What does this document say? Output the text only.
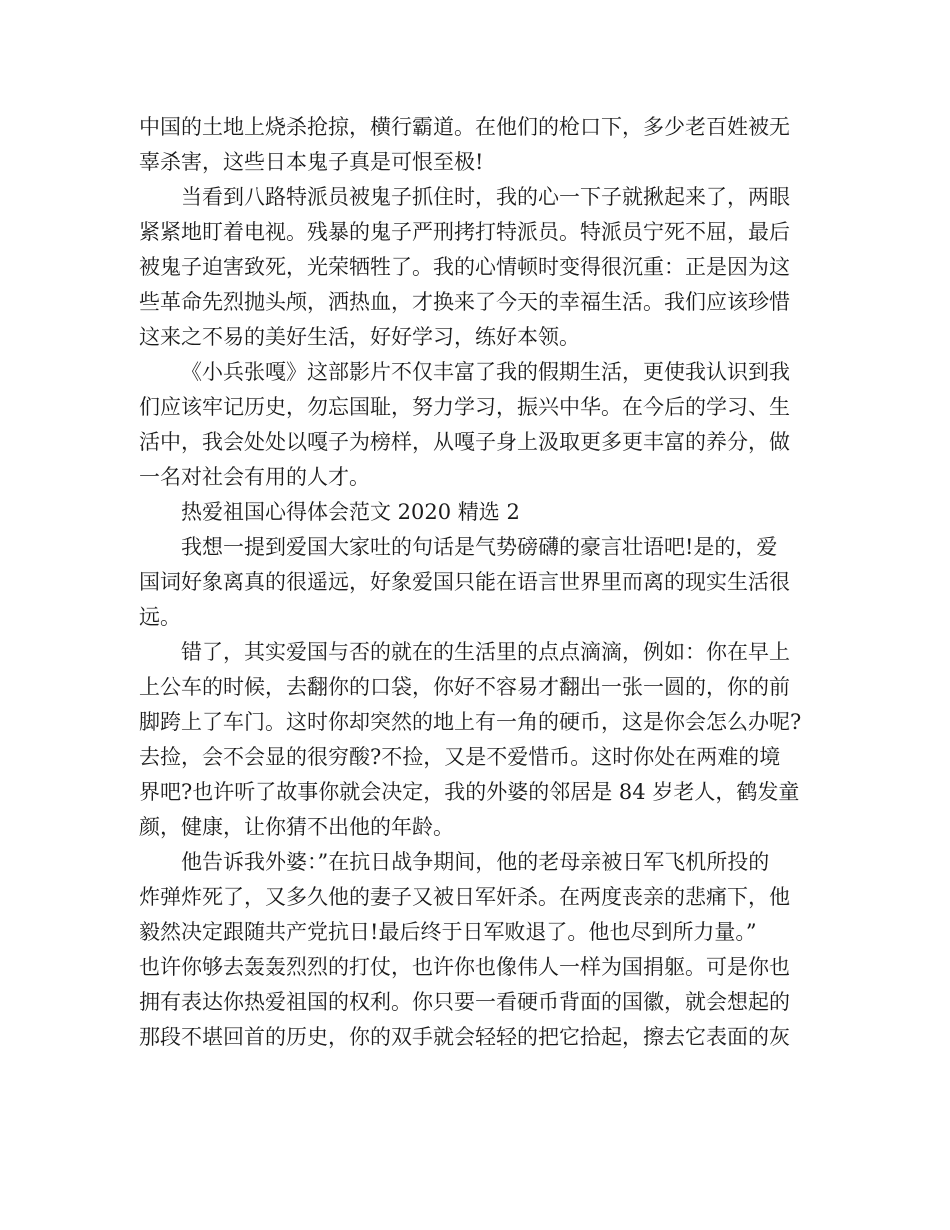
中国的土地上烧杀抢掠，横行霸道。在他们的枪口下，多少老百姓被无
辜杀害，这些日本鬼子真是可恨至极!
当看到八路特派员被鬼子抓住时，我的心一下子就揪起来了，两眼
紧紧地盯着电视。残暴的鬼子严刑拷打特派员。特派员宁死不屈，最后
被鬼子迫害致死，光荣牺牲了。我的心情顿时变得很沉重：正是因为这
些革命先烈抛头颅，洒热血，才换来了今天的幸福生活。我们应该珍惜
这来之不易的美好生活，好好学习，练好本领。
《小兵张嘎》这部影片不仅丰富了我的假期生活，更使我认识到我
们应该牢记历史，勿忘国耻，努力学习，振兴中华。在今后的学习、生
活中，我会处处以嘎子为榜样，从嘎子身上汲取更多更丰富的养分，做
一名对社会有用的人才。
热爱祖国心得体会范文 2020 精选 2
我想一提到爱国大家吐的句话是气势磅礴的豪言壮语吧!是的，爱
国词好象离真的很遥远，好象爱国只能在语言世界里而离的现实生活很
远。
错了，其实爱国与否的就在的生活里的点点滴滴，例如：你在早上
上公车的时候，去翻你的口袋，你好不容易才翻出一张一圆的，你的前
脚跨上了车门。这时你却突然的地上有一角的硬币，这是你会怎么办呢?
去捡，会不会显的很穷酸?不捡，又是不爱惜币。这时你处在两难的境
界吧?也许听了故事你就会决定，我的外婆的邻居是 84 岁老人，鹤发童
颜，健康，让你猜不出他的年龄。
他告诉我外婆：”在抗日战争期间，他的老母亲被日军飞机所投的
炸弹炸死了，又多久他的妻子又被日军奸杀。在两度丧亲的悲痛下，他
毅然决定跟随共产党抗日!最后终于日军败退了。他也尽到所力量。”
也许你够去轰轰烈烈的打仗，也许你也像伟人一样为国捐躯。可是你也
拥有表达你热爱祖国的权利。你只要一看硬币背面的国徽，就会想起的
那段不堪回首的历史，你的双手就会轻轻的把它拾起，擦去它表面的灰
